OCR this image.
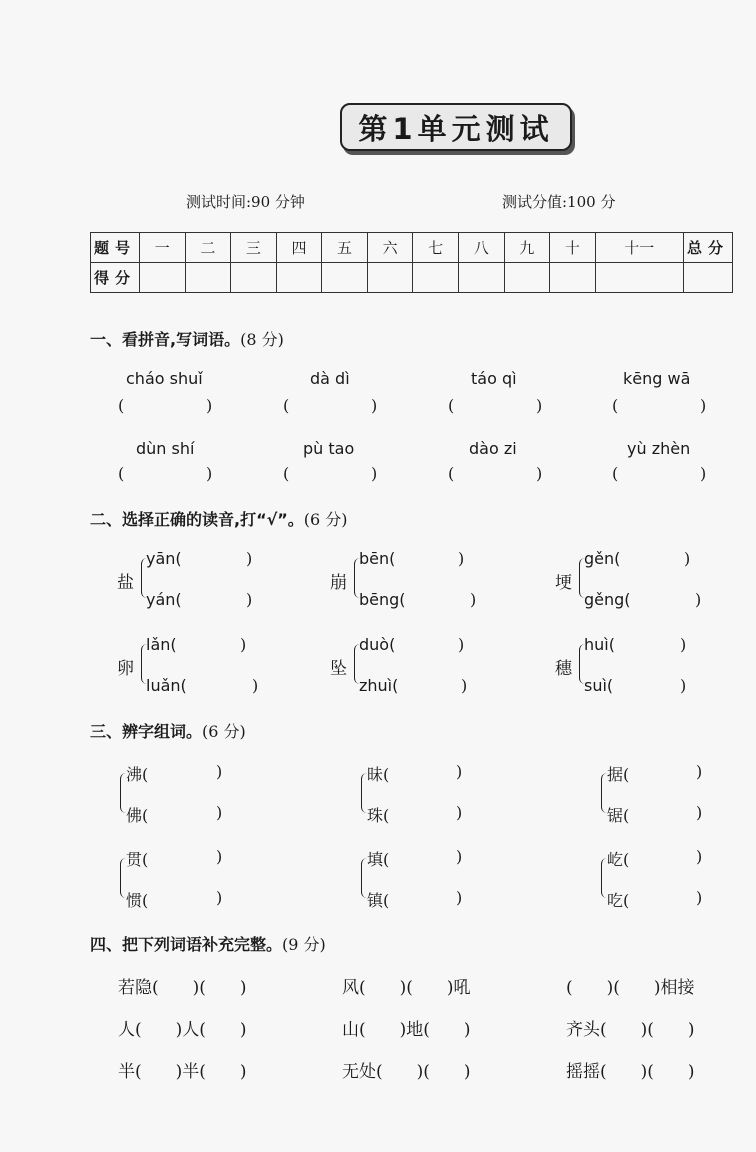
第1单元测试
测试时间:90 分钟	测试分值:100 分
题号	一	二	三	四	五	六	七	八	九	十	十一	总分
得分												
一、看拼音,写词语。(8 分)
cháo shuǐ	dà dì	táo qì	kēng wā
(	)	(	)	(	)	(	)
dùn shí	pù tao	dào zi	yù zhèn
(	)	(	)	(	)	(	)
二、选择正确的读音,打“√”。(6 分)
盐
yān(	)
yán(	)
崩
bēn(	)
bēng(	)
埂
gěn(	)
gěng(	)
卵
lǎn(	)
luǎn(	)
坠
duò(	)
zhuì(	)
穗
huì(	)
suì(	)
三、辨字组词。(6 分)
沸(	)
佛(	)
昧(	)
珠(	)
据(	)
锯(	)
贯(	)
惯(	)
填(	)
镇(	)
屹(	)
吃(	)
四、把下列词语补充完整。(9 分)
若隐(　　)(　　)	风(　　)(　　)吼	(　　)(　　)相接
人(　　)人(　　)	山(　　)地(　　)	齐头(　　)(　　)
半(　　)半(　　)	无处(　　)(　　)	摇摇(　　)(　　)
